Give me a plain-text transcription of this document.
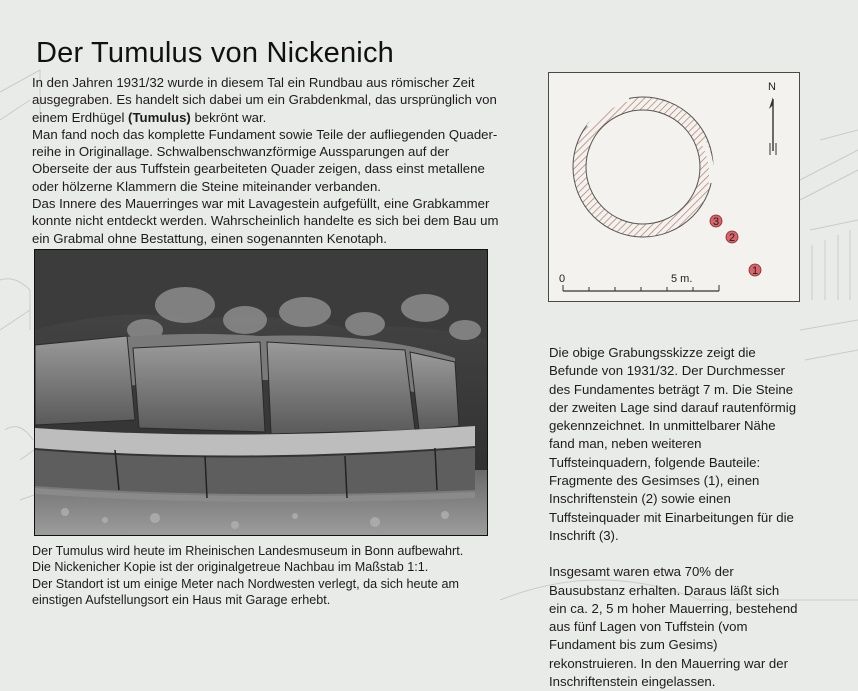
Der Tumulus von Nickenich

In den Jahren 1931/32 wurde in diesem Tal ein Rundbau aus römischer Zeit ausgegraben. Es handelt sich dabei um ein Grabdenkmal, das ursprünglich von einem Erdhügel (Tumulus) bekrönt war.

Man fand noch das komplette Fundament sowie Teile der aufliegenden Quader-reihe in Originallage. Schwalbenschwanzförmige Aussparungen auf der Oberseite der aus Tuffstein gearbeiteten Quader zeigen, dass einst metallene oder hölzerne Klammern die Steine miteinander verbanden.

Das Innere des Mauerringes war mit Lavagestein aufgefüllt, eine Grabkammer konnte nicht entdeckt werden. Wahrscheinlich handelte es sich bei dem Bau um ein Grabmal ohne Bestattung, einen sogenannten Kenotaph.

Der Tumulus wird heute im Rheinischen Landesmuseum in Bonn aufbewahrt.

Die Nickenicher Kopie ist der originalgetreue Nachbau im Maßstab 1:1.

Der Standort ist um einige Meter nach Nordwesten verlegt, da sich heute am einstigen Aufstellungsort ein Haus mit Garage erhebt.

N
3
2
1
0	5 m.

Die obige Grabungsskizze zeigt die Befunde von 1931/32. Der Durchmesser des Fundamentes beträgt 7 m. Die Steine der zweiten Lage sind darauf rautenförmig gekennzeichnet. In unmittelbarer Nähe fand man, neben weiteren Tuffsteinquadern, folgende Bauteile: Fragmente des Gesimses (1), einen Inschriftenstein (2) sowie einen Tuffsteinquader mit Einarbeitungen für die Inschrift (3).

Insgesamt waren etwa 70% der Bausubstanz erhalten. Daraus läßt sich ein ca. 2, 5 m hoher Mauerring, bestehend aus fünf Lagen von Tuffstein (vom Fundament bis zum Gesims) rekonstruieren. In den Mauerring war der Inschriftenstein eingelassen.
